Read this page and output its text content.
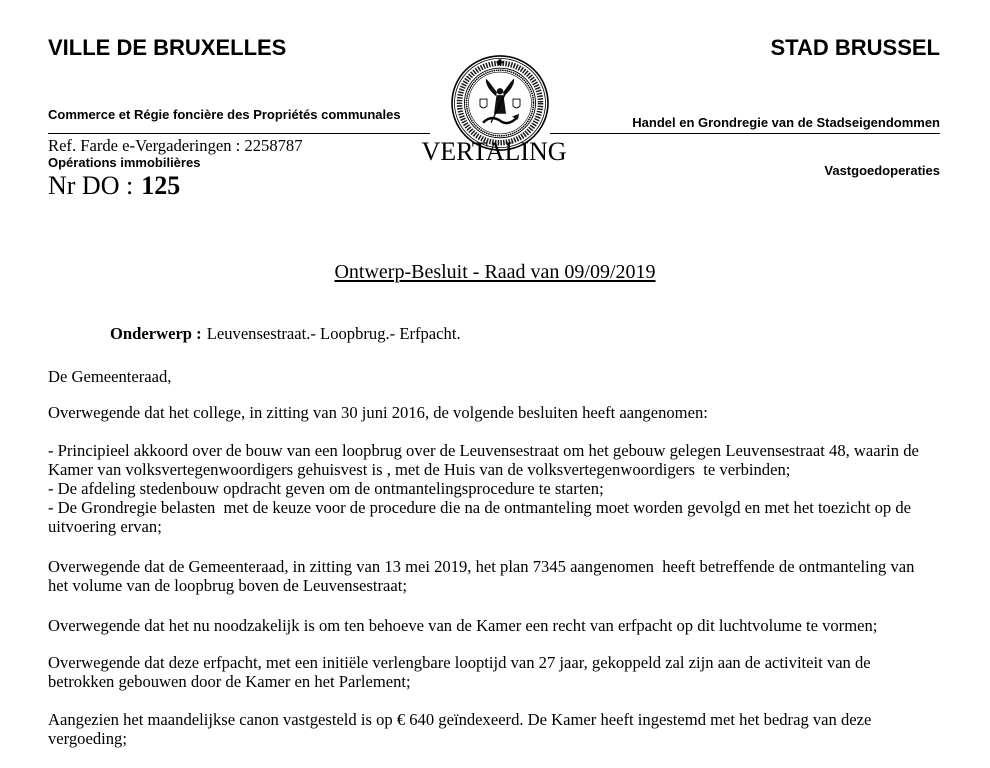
VILLE DE BRUXELLES

Commerce et Régie foncière des Propriétés communales

Opérations immobilières

STAD BRUSSEL

Handel en Grondregie van de Stadseigendommen

Vastgoedoperaties

Ref. Farde e-Vergaderingen : 2258787	VERTALING
Nr DO : 125
Ontwerp-Besluit - Raad van 09/09/2019
Onderwerp : Leuvensestraat.- Loopbrug.- Erfpacht.
De Gemeenteraad,
Overwegende dat het college, in zitting van 30 juni 2016, de volgende besluiten heeft aangenomen:
- Principieel akkoord over de bouw van een loopbrug over de Leuvensestraat om het gebouw gelegen Leuvensestraat 48, waarin de
Kamer van volksvertegenwoordigers gehuisvest is , met de Huis van de volksvertegenwoordigers  te verbinden;
- De afdeling stedenbouw opdracht geven om de ontmantelingsprocedure te starten;
- De Grondregie belasten  met de keuze voor de procedure die na de ontmanteling moet worden gevolgd en met het toezicht op de
uitvoering ervan;
Overwegende dat de Gemeenteraad, in zitting van 13 mei 2019, het plan 7345 aangenomen  heeft betreffende de ontmanteling van
het volume van de loopbrug boven de Leuvensestraat;
Overwegende dat het nu noodzakelijk is om ten behoeve van de Kamer een recht van erfpacht op dit luchtvolume te vormen;
Overwegende dat deze erfpacht, met een initiële verlengbare looptijd van 27 jaar, gekoppeld zal zijn aan de activiteit van de
betrokken gebouwen door de Kamer en het Parlement;
Aangezien het maandelijkse canon vastgesteld is op € 640 geïndexeerd. De Kamer heeft ingestemd met het bedrag van deze
vergoeding;
